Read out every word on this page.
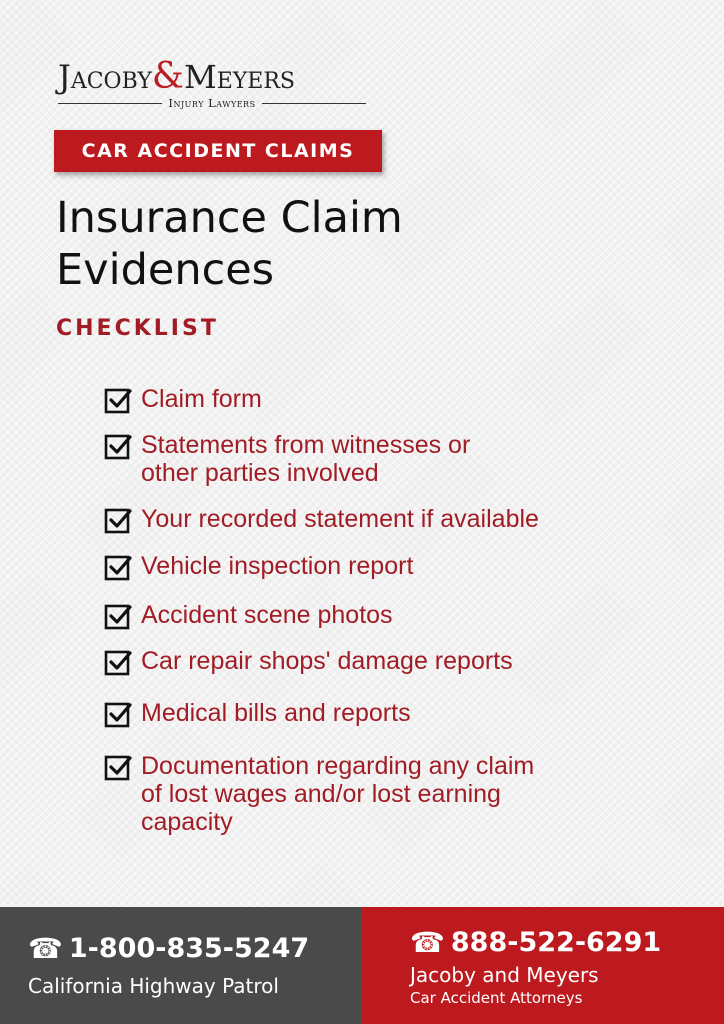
Jacoby&Meyers
Injury Lawyers
CAR ACCIDENT CLAIMS
Insurance Claim
Evidences
CHECKLIST
Claim form
Statements from witnesses or
other parties involved
Your recorded statement if available
Vehicle inspection report
Accident scene photos
Car repair shops' damage reports
Medical bills and reports
Documentation regarding any claim
of lost wages and/or lost earning
capacity
☎ 1-800-835-5247
California Highway Patrol
☎ 888-522-6291
Jacoby and Meyers
Car Accident Attorneys
